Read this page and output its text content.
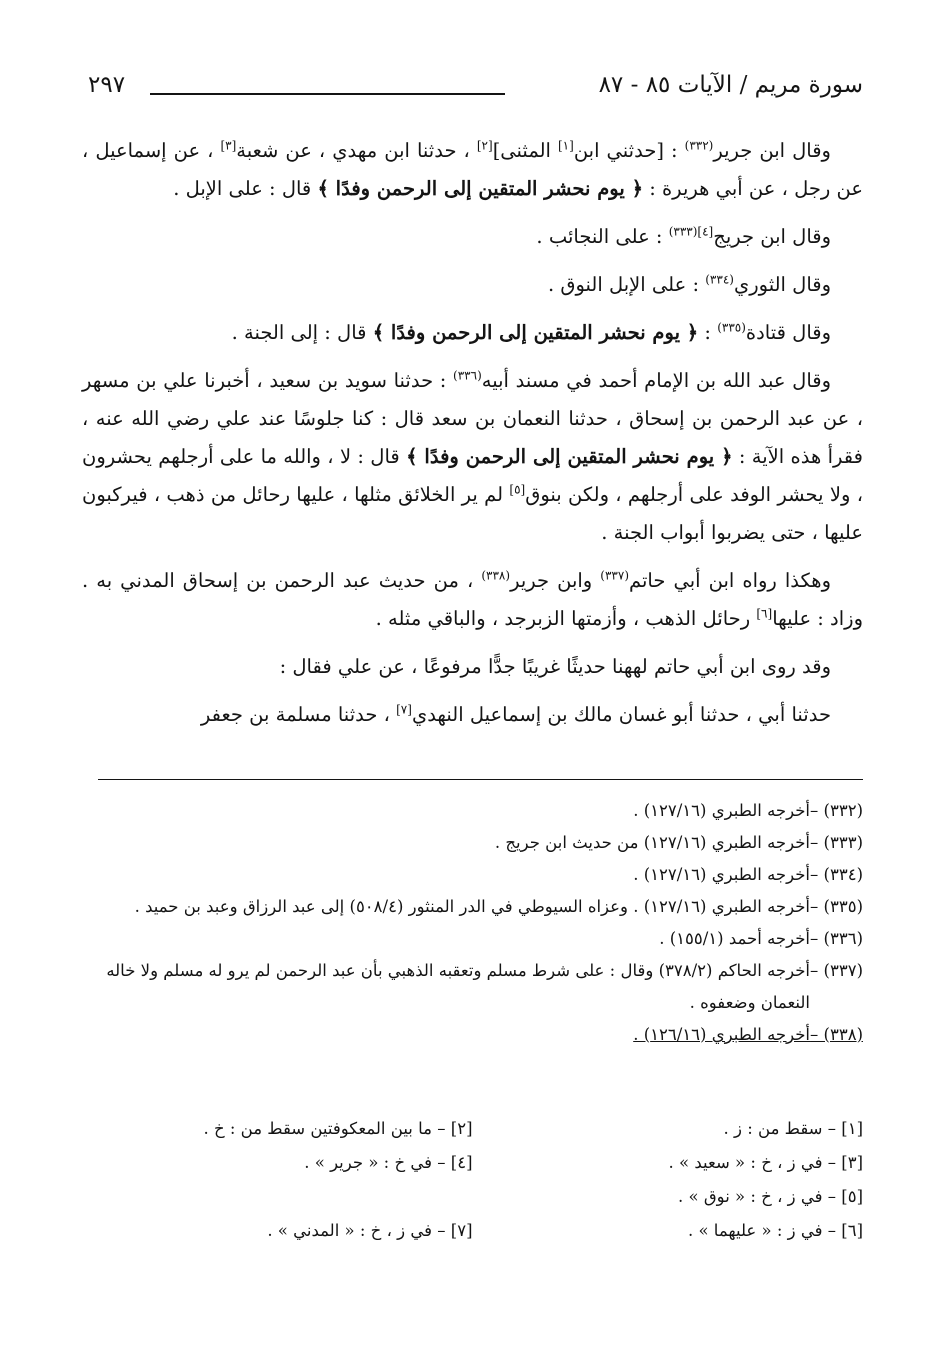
سورة مريم / الآيات ٨٥ - ٨٧
٢٩٧

وقال ابن جرير$^{(٣٣٢)}$ : [حدثني ابن[١] المثنى][٢] ، حدثنا ابن مهدي ، عن شعبة[٣] ، عن إسماعيل ، عن رجل ، عن أبي هريرة : ﴿ يوم نحشر المتقين إلى الرحمن وفدًا ﴾ قال : على الإبل .

وقال ابن جريج$^{[٤](٣٣٣)}$ : على النجائب .

وقال الثوري$^{(٣٣٤)}$ : على الإبل النوق .

وقال قتادة$^{(٣٣٥)}$ : ﴿ يوم نحشر المتقين إلى الرحمن وفدًا ﴾ قال : إلى الجنة .

وقال عبد الله بن الإمام أحمد في مسند أبيه$^{(٣٣٦)}$ : حدثنا سويد بن سعيد ، أخبرنا علي بن مسهر ، عن عبد الرحمن بن إسحاق ، حدثنا النعمان بن سعد قال : كنا جلوسًا عند علي رضي الله عنه ، فقرأ هذه الآية : ﴿ يوم نحشر المتقين إلى الرحمن وفدًا ﴾ قال : لا ، والله ما على أرجلهم يحشرون ، ولا يحشر الوفد على أرجلهم ، ولكن بنوق[٥] لم ير الخلائق مثلها ، عليها رحائل من ذهب ، فيركبون عليها ، حتى يضربوا أبواب الجنة .

وهكذا رواه ابن أبي حاتم$^{(٣٣٧)}$ وابن جرير$^{(٣٣٨)}$ ، من حديث عبد الرحمن بن إسحاق المدني به . وزاد : عليها[٦] رحائل الذهب ، وأزمتها الزبرجد ، والباقي مثله .

وقد روى ابن أبي حاتم لههنا حديثًا غريبًا جدًّا مرفوعًا ، عن علي فقال :

حدثنا أبي ، حدثنا أبو غسان مالك بن إسماعيل النهدي[٧] ، حدثنا مسلمة بن جعفر

(٣٣٢) –
أخرجه الطبري (١٢٧/١٦) .
(٣٣٣) –
أخرجه الطبري (١٢٧/١٦) من حديث ابن جريج .
(٣٣٤) –
أخرجه الطبري (١٢٧/١٦) .
(٣٣٥) –
أخرجه الطبري (١٢٧/١٦) . وعزاه السيوطي في الدر المنثور (٥٠٨/٤) إلى عبد الرزاق وعبد بن حميد .
(٣٣٦) –
أخرجه أحمد (١٥٥/١) .
(٣٣٧) –
أخرجه الحاكم (٣٧٨/٢) وقال : على شرط مسلم وتعقبه الذهبي بأن عبد الرحمن لم يرو له مسلم ولا خاله النعمان وضعفوه .
(٣٣٨) –
أخرجه الطبري (١٢٦/١٦) .
[١] – سقط من : ز .
[٢] – ما بين المعكوفتين سقط من : خ .
[٣] – في ز ، خ : « سعيد » .
[٤] – في خ : « جرير » .
[٥] – في ز ، خ : « نوق » .
[٦] – في ز : « عليهما » .
[٧] – في ز ، خ : « المدني » .
